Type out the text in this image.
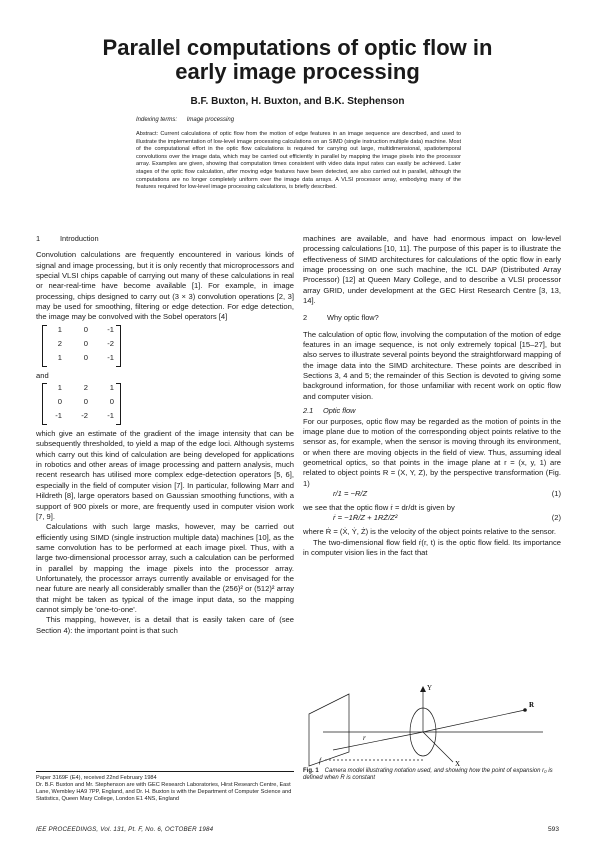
Parallel computations of optic flow in
early image processing
B.F. Buxton, H. Buxton, and B.K. Stephenson
Indexing terms: Image processing
Abstract: Current calculations of optic flow from the motion of edge features in an image sequence are described, and used to illustrate the implementation of low-level image processing calculations on an SIMD (single instruction multiple data) machine. Most of the computational effort in the optic flow calculations is required for carrying out large, multidimensional, spatiotemporal convolutions over the image data, which may be carried out efficiently in parallel by mapping the image pixels into the processor array. Examples are given, showing that computation times consistent with video data input rates can easily be achieved. Later stages of the optic flow calculation, after moving edge features have been detected, are also carried out in parallel, although the computations are no longer completely uniform over the image data arrays. A VLSI processor array, embodying many of the features required for low-level image processing calculations, is briefly described.
1	Introduction

Convolution calculations are frequently encountered in various kinds of signal and image processing, but it is only recently that microprocessors and special VLSI chips capable of carrying out many of these calculations in real or near-real-time have become available [1]. For example, in image processing, chips designed to carry out (3 × 3) convolution operations [2, 3] may be used for smoothing, filtering or edge detection. For edge detection, the image may be convolved with the Sobel operators [4]

1	0	-1
2	0	-2
1	0	-1

and

1	2	1
0	0	0
-1	-2	-1

which give an estimate of the gradient of the image intensity that can be subsequently thresholded, to yield a map of the edge loci. Although systems which carry out this kind of calculation are being developed for applications in robotics and other areas of image processing and pattern analysis, much recent research has utilised more complex edge-detection operators [5, 6], especially in the field of computer vision [7]. In particular, following Marr and Hildreth [8], large operators based on Gaussian smoothing functions, with a support of 900 pixels or more, are frequently used in computer vision work [7, 9].

Calculations with such large masks, however, may be carried out efficiently using SIMD (single instruction multiple data) machines [10], as the same convolution has to be performed at each image pixel. Thus, with a large two-dimensional processor array, such a calculation can be performed in parallel by mapping the image pixels into the processor array. Unfortunately, the processor arrays currently available or envisaged for the near future are nearly all considerably smaller than the (256)² or (512)² array that might be taken as typical of the image input data, so the mapping cannot simply be 'one-to-one'.

This mapping, however, is a detail that is easily taken care of (see Section 4): the important point is that such

machines are available, and have had enormous impact on low-level processing calculations [10, 11]. The purpose of this paper is to illustrate the effectiveness of SIMD architectures for calculations of the optic flow in early image processing on one such machine, the ICL DAP (Distributed Array Processor) [12] at Queen Mary College, and to describe a VLSI processor array GRID, under development at the GEC Hirst Research Centre [3, 13, 14].

2	Why optic flow?

The calculation of optic flow, involving the computation of the motion of edge features in an image sequence, is not only extremely topical [15–27], but also serves to illustrate several points beyond the straightforward mapping of the image data into the SIMD architecture. These points are described in Sections 3, 4 and 5; the remainder of this Section is devoted to giving some background information, for those unfamiliar with recent work on optic flow and computer vision.

2.1 Optic flow

For our purposes, optic flow may be regarded as the motion of points in the image plane due to motion of the corresponding object points relative to the sensor as, for example, when the sensor is moving through its environment, or when there are moving objects in the field of view. Thus, assuming ideal geometrical optics, so that points in the image plane at r = (x, y, 1) are related to object points R = (X, Y, Z), by the perspective transformation (Fig. 1)

r/1 = −R/Z	(1)

we see that the optic flow ṙ = dr/dt is given by

ṙ = −1Ṙ/Z + 1RŻ/Z²	(2)

where Ṙ = (Ẋ, Ẏ, Ż) is the velocity of the object points relative to the sensor.

The two-dimensional flow field ṙ(r, t) is the optic flow field. Its importance in computer vision lies in the fact that

Y
X
r
f
R
Fig. 1 Camera model illustrating notation used, and showing how the point of expansion r₀ is defined when R is constant
Paper 3169F (E4), received 22nd February 1984
Dr. B.F. Buxton and Mr. Stephenson are with GEC Research Laboratories, Hirst Research Centre, East Lane, Wembley HA9 7PP, England, and Dr. H. Buxton is with the Department of Computer Science and Statistics, Queen Mary College, London E1 4NS, England
IEE PROCEEDINGS, Vol. 131, Pt. F, No. 6, OCTOBER 1984	593
